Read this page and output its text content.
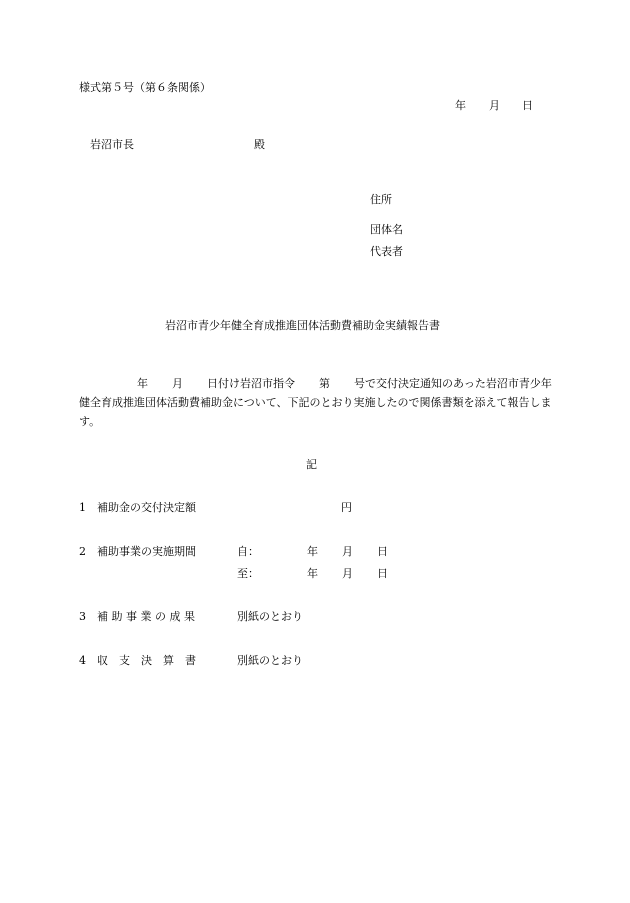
様式第５号（第６条関係）
年 月 日
岩沼市長	殿
住所
団体名
代表者
岩沼市青少年健全育成推進団体活動費補助金実績報告書
年 月 日付け岩沼市指令 第 号で交付決定通知のあった岩沼市青少年健全育成推進団体活動費補助金について、下記のとおり実施したので関係書類を添えて報告します。
記
1 補助金の交付決定額	円
2 補助事業の実施期間	自：	年 月 日
至：	年 月 日
3 補 助 事 業 の 成 果	別紙のとおり
4 収　支　決　算　書	別紙のとおり
